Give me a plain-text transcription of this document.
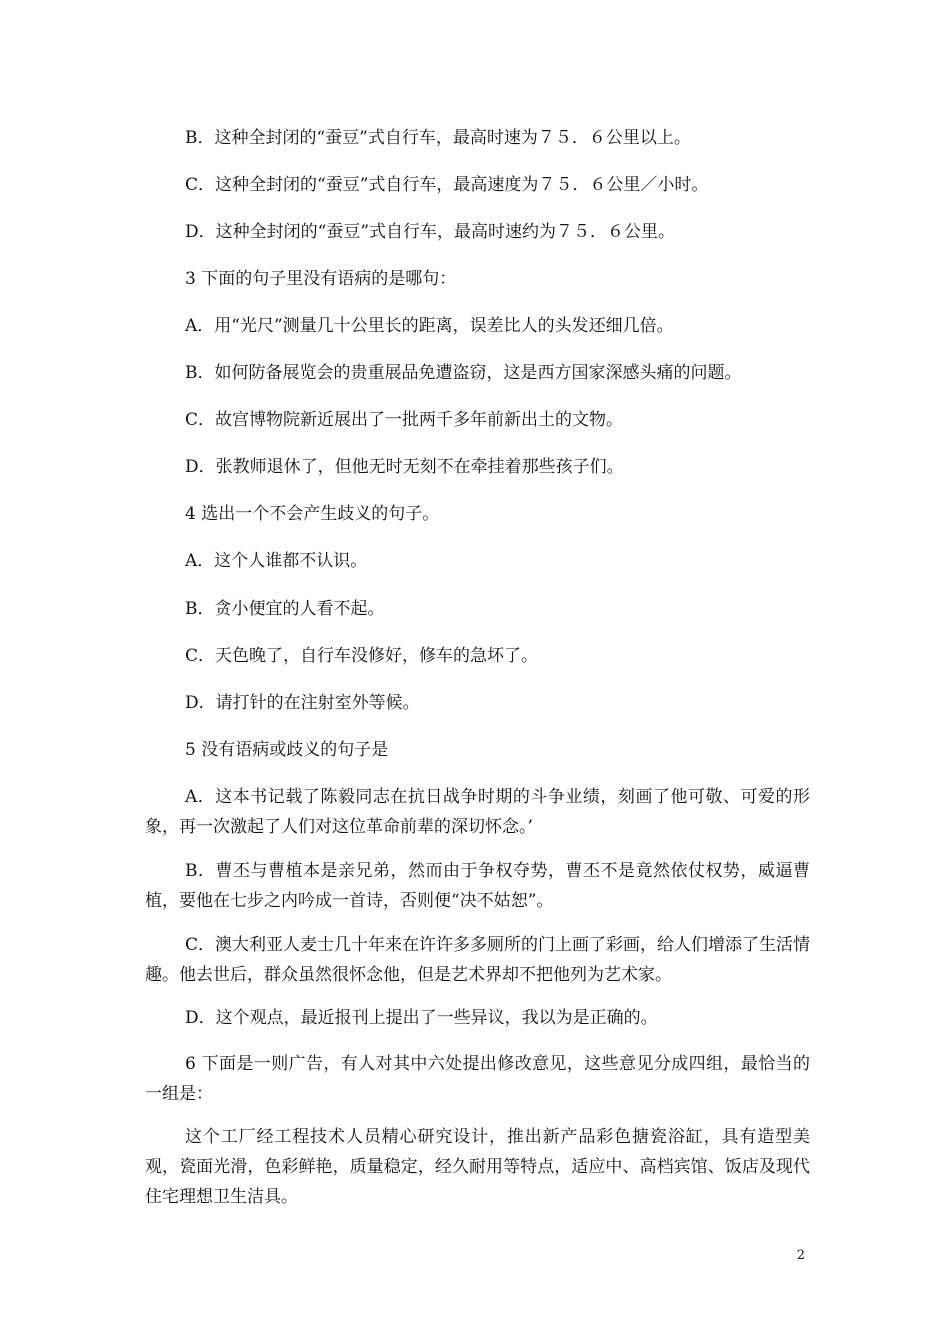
B．这种全封闭的“蚕豆”式自行车，最高时速为７５．６公里以上。
C．这种全封闭的“蚕豆”式自行车，最高速度为７５．６公里／小时。
D．这种全封闭的“蚕豆”式自行车，最高时速约为７５．６公里。
3 下面的句子里没有语病的是哪句：
A．用“光尺”测量几十公里长的距离，误差比人的头发还细几倍。
B．如何防备展览会的贵重展品免遭盗窃，这是西方国家深感头痛的问题。
C．故宫博物院新近展出了一批两千多年前新出土的文物。
D．张教师退休了，但他无时无刻不在牵挂着那些孩子们。
4 选出一个不会产生歧义的句子。
A．这个人谁都不认识。
B．贪小便宜的人看不起。
C．天色晚了，自行车没修好，修车的急坏了。
D．请打针的在注射室外等候。
5 没有语病或歧义的句子是
A．这本书记载了陈毅同志在抗日战争时期的斗争业绩，刻画了他可敬、可爱的形象，再一次激起了人们对这位革命前辈的深切怀念。’
B．曹丕与曹植本是亲兄弟，然而由于争权夺势，曹丕不是竟然依仗权势，威逼曹植，要他在七步之内吟成一首诗，否则便“决不姑恕”。
C．澳大利亚人麦士几十年来在许许多多厕所的门上画了彩画，给人们增添了生活情趣。他去世后，群众虽然很怀念他，但是艺术界却不把他列为艺术家。
D．这个观点，最近报刊上提出了一些异议，我以为是正确的。
6 下面是一则广告，有人对其中六处提出修改意见，这些意见分成四组，最恰当的一组是：
这个工厂经工程技术人员精心研究设计，推出新产品彩色搪瓷浴缸，具有造型美观，瓷面光滑，色彩鲜艳，质量稳定，经久耐用等特点，适应中、高档宾馆、饭店及现代住宅理想卫生洁具。
2
